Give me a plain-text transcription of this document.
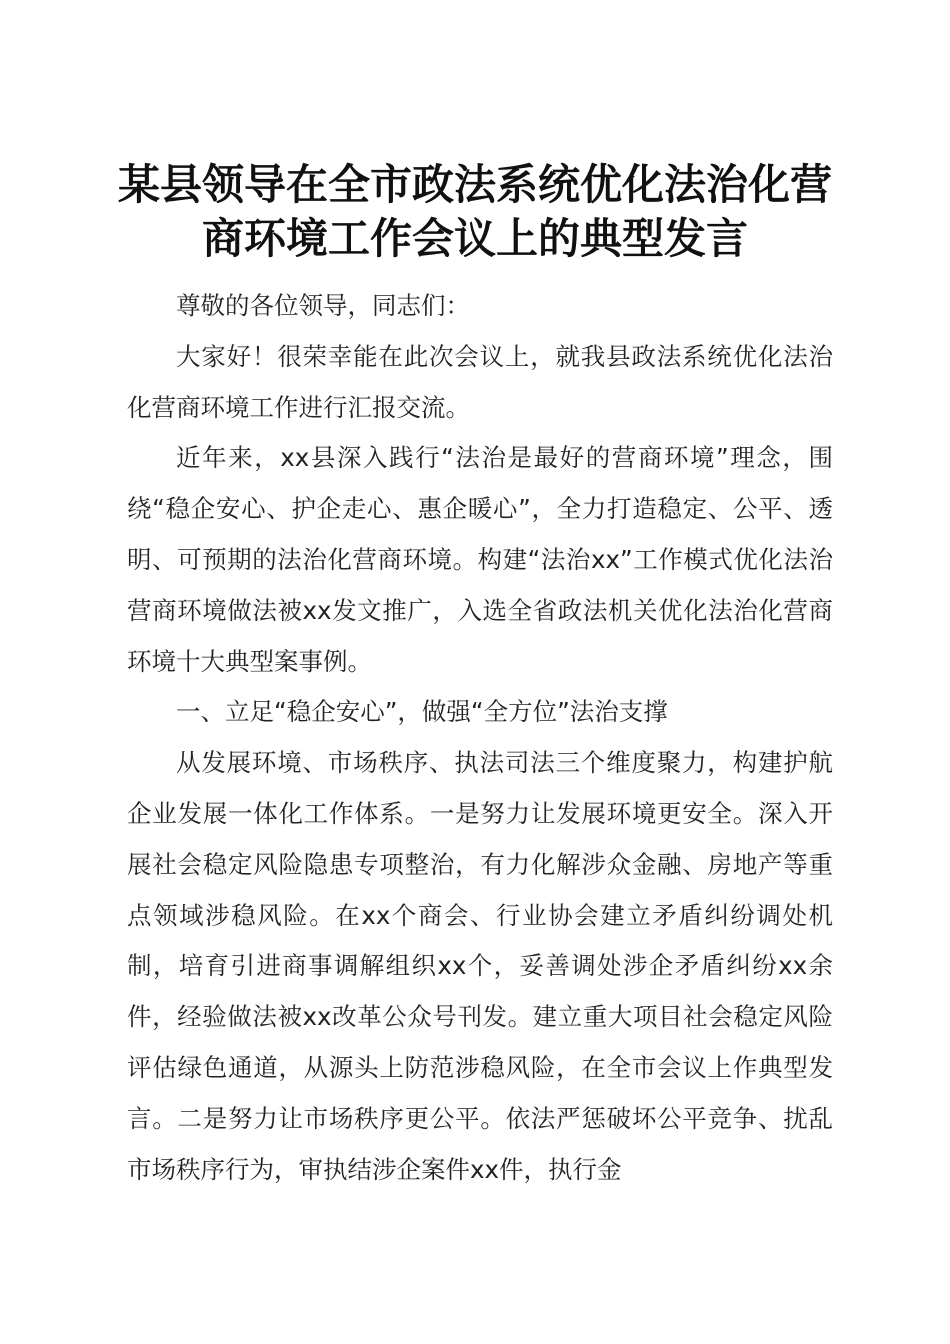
某县领导在全市政法系统优化法治化营
商环境工作会议上的典型发言

尊敬的各位领导，同志们：

大家好！很荣幸能在此次会议上，就我县政法系统优化法治化营商环境工作进行汇报交流。

近年来，xx县深入践行“法治是最好的营商环境”理念，围绕“稳企安心、护企走心、惠企暖心”，全力打造稳定、公平、透明、可预期的法治化营商环境。构建“法治xx”工作模式优化法治营商环境做法被xx发文推广，入选全省政法机关优化法治化营商环境十大典型案事例。

一、立足“稳企安心”，做强“全方位”法治支撑

从发展环境、市场秩序、执法司法三个维度聚力，构建护航企业发展一体化工作体系。一是努力让发展环境更安全。深入开展社会稳定风险隐患专项整治，有力化解涉众金融、房地产等重点领域涉稳风险。在xx个商会、行业协会建立矛盾纠纷调处机制，培育引进商事调解组织xx个，妥善调处涉企矛盾纠纷xx余件，经验做法被xx改革公众号刊发。建立重大项目社会稳定风险评估绿色通道，从源头上防范涉稳风险，在全市会议上作典型发言。二是努力让市场秩序更公平。依法严惩破坏公平竞争、扰乱市场秩序行为，审执结涉企案件xx件，执行金
